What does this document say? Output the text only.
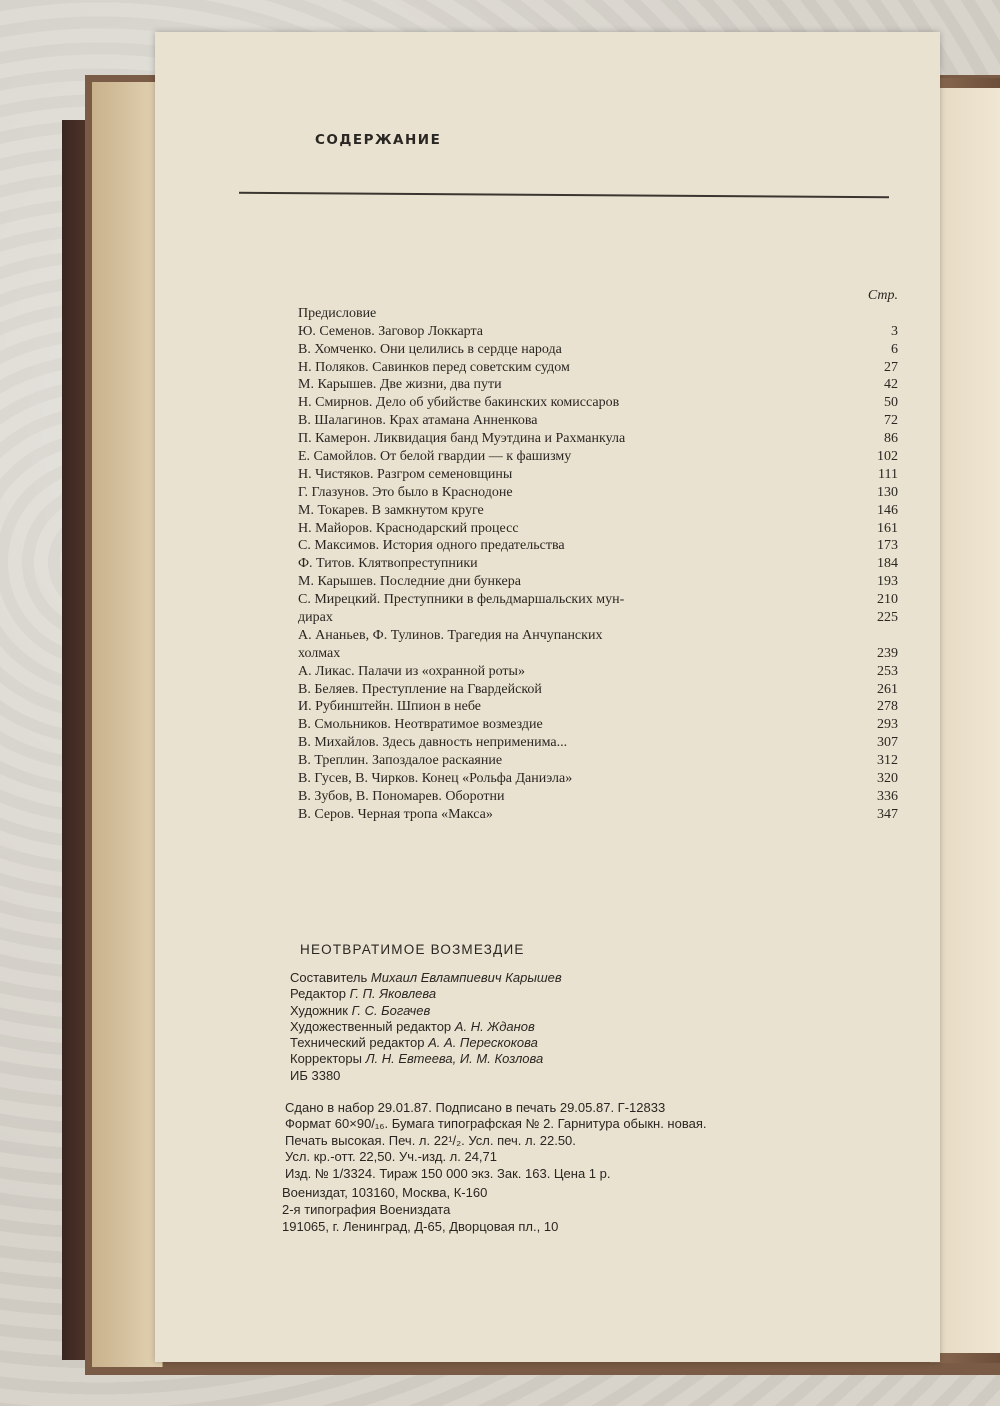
СОДЕРЖАНИЕ
Стр.
Предисловие
Ю. Семенов. Заговор Локкарта	3
В. Хомченко. Они целились в сердце народа	6
Н. Поляков. Савинков перед советским судом	27
М. Карышев. Две жизни, два пути	42
Н. Смирнов. Дело об убийстве бакинских комиссаров	50
В. Шалагинов. Крах атамана Анненкова	72
П. Камерон. Ликвидация банд Муэтдина и Рахманкула	86
Е. Самойлов. От белой гвардии — к фашизму	102
Н. Чистяков. Разгром семеновщины	111
Г. Глазунов. Это было в Краснодоне	130
М. Токарев. В замкнутом круге	146
Н. Майоров. Краснодарский процесс	161
С. Максимов. История одного предательства	173
Ф. Титов. Клятвопреступники	184
М. Карышев. Последние дни бункера	193
С. Мирецкий. Преступники в фельдмаршальских мун-	210
дирах	225
А. Ананьев, Ф. Тулинов. Трагедия на Анчупанских
холмах	239
А. Ликас. Палачи из «охранной роты»	253
В. Беляев. Преступление на Гвардейской	261
И. Рубинштейн. Шпион в небе	278
В. Смольников. Неотвратимое возмездие	293
В. Михайлов. Здесь давность неприменима...	307
В. Треплин. Запоздалое раскаяние	312
В. Гусев, В. Чирков. Конец «Рольфа Даниэла»	320
В. Зубов, В. Пономарев. Оборотни	336
В. Серов. Черная тропа «Макса»	347
НЕОТВРАТИМОЕ ВОЗМЕЗДИЕ
Составитель Михаил Евлампиевич Карышев
Редактор Г. П. Яковлева
Художник Г. С. Богачев
Художественный редактор А. Н. Жданов
Технический редактор А. А. Перескокова
Корректоры Л. Н. Евтеева, И. М. Козлова
ИБ 3380
Сдано в набор 29.01.87. Подписано в печать 29.05.87. Г-12833
Формат 60×90/₁₆. Бумага типографская № 2. Гарнитура обыкн. новая.
Печать высокая. Печ. л. 22¹/₂. Усл. печ. л. 22.50.
Усл. кр.-отт. 22,50. Уч.-изд. л. 24,71
Изд. № 1/3324. Тираж 150 000 экз. Зак. 163. Цена 1 р.
Воениздат, 103160, Москва, К-160
2-я типография Воениздата
191065, г. Ленинград, Д-65, Дворцовая пл., 10
